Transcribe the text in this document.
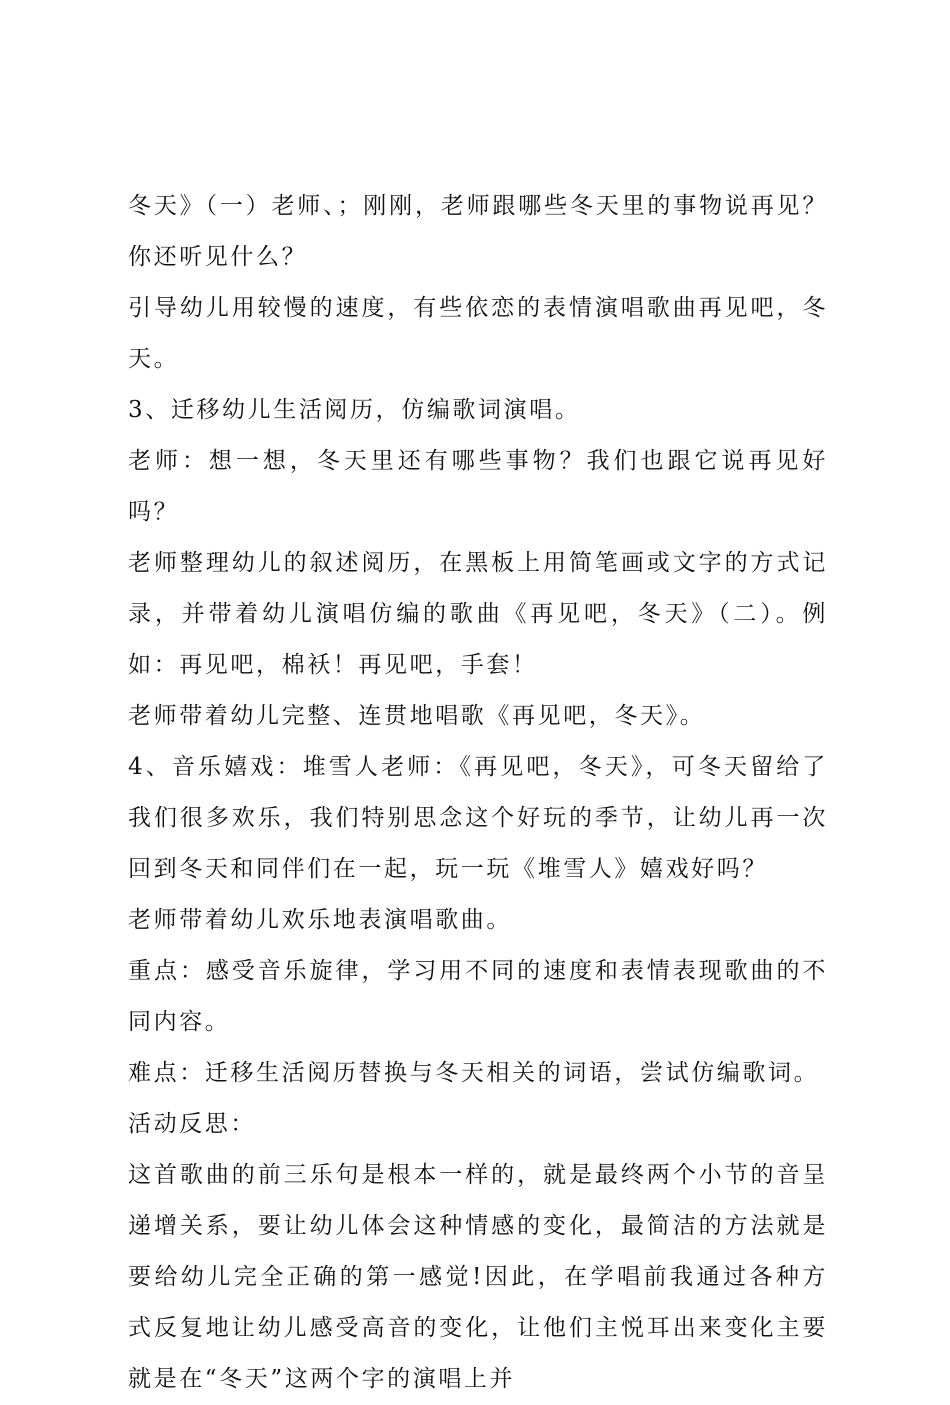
冬天》（一）老师、；刚刚，老师跟哪些冬天里的事物说再见？你还听见什么？

引导幼儿用较慢的速度，有些依恋的表情演唱歌曲再见吧，冬天。

3、迁移幼儿生活阅历，仿编歌词演唱。

老师：想一想，冬天里还有哪些事物？我们也跟它说再见好吗？

老师整理幼儿的叙述阅历，在黑板上用简笔画或文字的方式记录，并带着幼儿演唱仿编的歌曲《再见吧，冬天》（二）。例如：再见吧，棉袄！再见吧，手套！

老师带着幼儿完整、连贯地唱歌《再见吧，冬天》。

4、音乐嬉戏：堆雪人老师：《再见吧，冬天》，可冬天留给了我们很多欢乐，我们特别思念这个好玩的季节，让幼儿再一次回到冬天和同伴们在一起，玩一玩《堆雪人》嬉戏好吗？

老师带着幼儿欢乐地表演唱歌曲。

重点：感受音乐旋律，学习用不同的速度和表情表现歌曲的不同内容。

难点：迁移生活阅历替换与冬天相关的词语，尝试仿编歌词。

活动反思：

这首歌曲的前三乐句是根本一样的，就是最终两个小节的音呈递增关系，要让幼儿体会这种情感的变化，最简洁的方法就是要给幼儿完全正确的第一感觉!因此，在学唱前我通过各种方式反复地让幼儿感受高音的变化，让他们主悦耳出来变化主要就是在“冬天”这两个字的演唱上并
